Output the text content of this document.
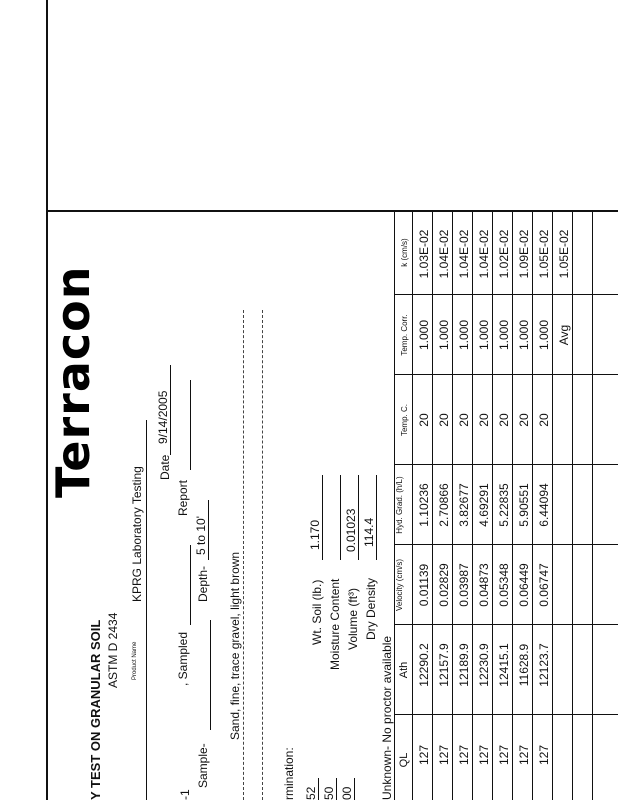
Terracon
Y TEST ON GRANULAR SOIL ASTM D 2434 Product Name
KPRG Laboratory Testing Date
9/14/2005
, Sampled
Report
-1
Sample-
Depth-
5 to 10'
Sand, fine, trace gravel, light brown
rmination: 52 50 00
Wt. Soil (lb.)
1.170
Moisture Content Volume (ft³)
0.01023
Dry Density
114.4
Unknown- No proctor available QL
Ath
Velocity (cm/s)
Hyd. Grad. (h/L)
Temp. C.
Temp. Corr.
k (cm/s)
127
12290.2
0.01139
1.10236
20
1.000
1.03E-02
127
12157.9
0.02829
2.70866
20
1.000
1.04E-02
127
12189.9
0.03987
3.82677
20
1.000
1.04E-02
127
12230.9
0.04873
4.69291
20
1.000
1.04E-02
127
12415.1
0.05348
5.22835
20
1.000
1.02E-02
127
11628.9
0.06449
5.90551
20
1.000
1.09E-02
127
12123.7
0.06747
6.44094
20
1.000
1.05E-02
Avg
1.05E-02
